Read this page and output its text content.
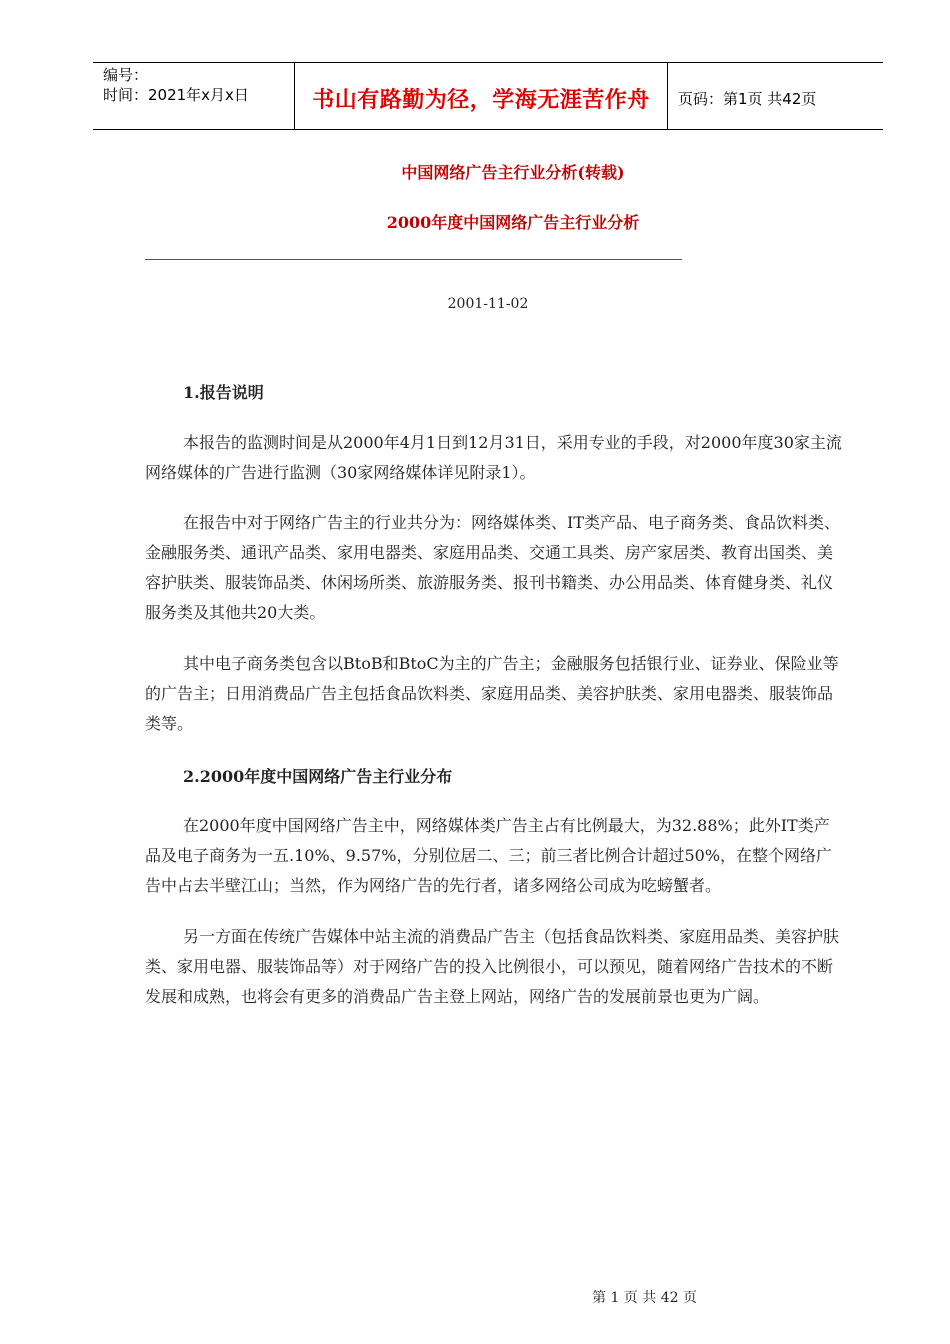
编号：
时间：2021年x月x日	书山有路勤为径，学海无涯苦作舟	页码：第1页 共42页
中国网络广告主行业分析(转载)
2000年度中国网络广告主行业分析
2001-11-02
1.报告说明

本报告的监测时间是从2000年4月1日到12月31日，采用专业的手段，对2000年度30家主流网络媒体的广告进行监测（30家网络媒体详见附录1）。

在报告中对于网络广告主的行业共分为：网络媒体类、IT类产品、电子商务类、食品饮料类、金融服务类、通讯产品类、家用电器类、家庭用品类、交通工具类、房产家居类、教育出国类、美容护肤类、服装饰品类、休闲场所类、旅游服务类、报刊书籍类、办公用品类、体育健身类、礼仪服务类及其他共20大类。

其中电子商务类包含以BtoB和BtoC为主的广告主；金融服务包括银行业、证券业、保险业等的广告主；日用消费品广告主包括食品饮料类、家庭用品类、美容护肤类、家用电器类、服装饰品类等。

2.2000年度中国网络广告主行业分布

在2000年度中国网络广告主中，网络媒体类广告主占有比例最大，为32.88%；此外IT类产品及电子商务为一五.10%、9.57%，分别位居二、三；前三者比例合计超过50%，在整个网络广告中占去半壁江山；当然，作为网络广告的先行者，诸多网络公司成为吃螃蟹者。

另一方面在传统广告媒体中站主流的消费品广告主（包括食品饮料类、家庭用品类、美容护肤类、家用电器、服装饰品等）对于网络广告的投入比例很小，可以预见，随着网络广告技术的不断发展和成熟，也将会有更多的消费品广告主登上网站，网络广告的发展前景也更为广阔。

第 1 页 共 42 页
